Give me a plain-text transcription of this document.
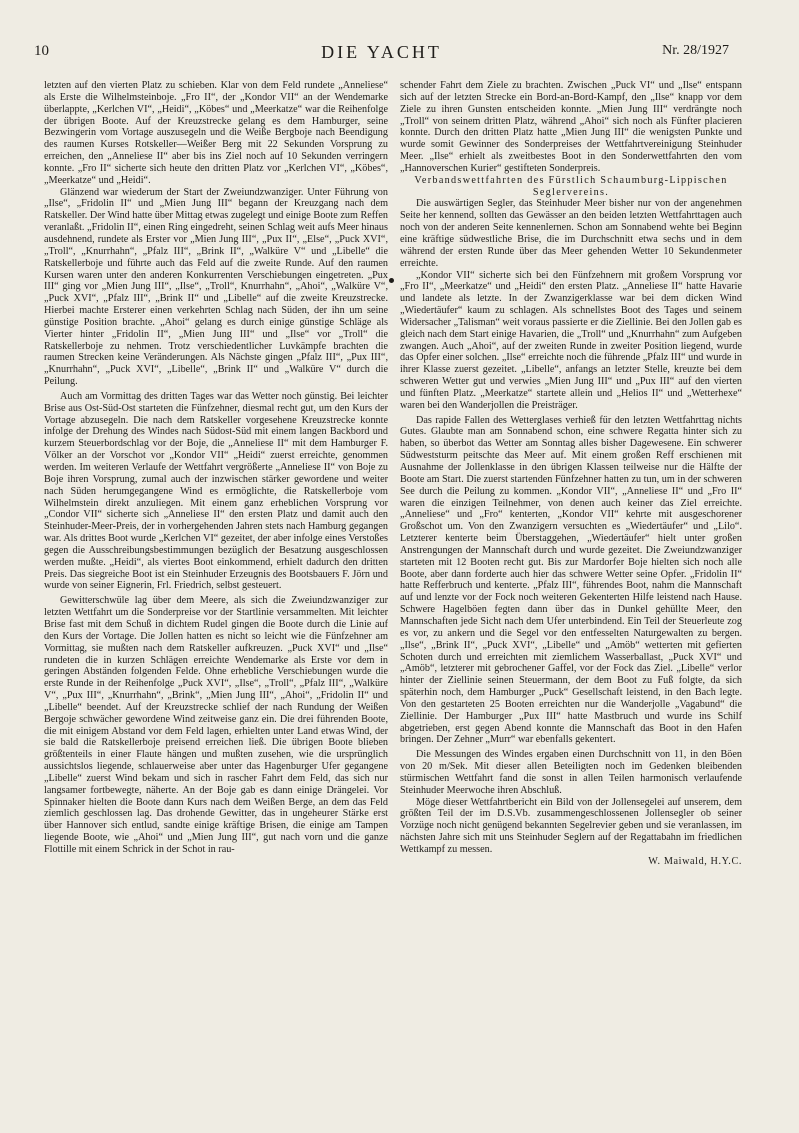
10	DIE YACHT	Nr. 28/1927

letzten auf den vierten Platz zu schieben. Klar von dem Feld rundete „Anneliese“ als Erste die Wilhelmsteinboje. „Fro II“, der „Kondor VII“ an der Wendemarke überlappte, „Kerlchen VI“, „Heidi“, „Köbes“ und „Meerkatze“ war die Reihenfolge der übrigen Boote. Auf der Kreuzstrecke gelang es dem Hamburger, seine Bezwingerin vom Vortage auszusegeln und die Weiße Bergboje nach Beendigung des raumen Kurses Rotskeller—Weißer Berg mit 22 Sekunden Vorsprung zu erreichen, den „Anneliese II“ aber bis ins Ziel noch auf 10 Sekunden verringern konnte. „Fro II“ sicherte sich heute den dritten Platz vor „Kerlchen VI“, „Köbes“, „Meerkatze“ und „Heidi“.

Glänzend war wiederum der Start der Zweiundzwanziger. Unter Führung von „Ilse“, „Fridolin II“ und „Mien Jung III“ begann der Kreuzgang nach dem Ratskeller. Der Wind hatte über Mittag etwas zugelegt und einige Boote zum Reffen veranlaßt. „Fridolin II“, einen Ring eingedreht, seinen Schlag weit aufs Meer hinaus ausdehnend, rundete als Erster vor „Mien Jung III“, „Pux II“, „Else“, „Puck XVI“, „Troll“, „Knurrhahn“, „Pfalz III“, „Brink II“, „Walküre V“ und „Libelle“ die Ratskellerboje und führte auch das Feld auf die zweite Runde. Auf den raumen Kursen waren unter den anderen Konkurrenten Verschiebungen eingetreten. „Pux III“ ging vor „Mien Jung III“, „Ilse“, „Troll“, Knurrhahn“, „Ahoi“, „Walküre V“, „Puck XVI“, „Pfalz III“, „Brink II“ und „Libelle“ auf die zweite Kreuzstrecke. Hierbei machte Ersterer einen verkehrten Schlag nach Süden, der ihn um seine günstige Position brachte. „Ahoi“ gelang es durch einige günstige Schläge als Vierter hinter „Fridolin II“, „Mien Jung III“ und „Ilse“ vor „Troll“ die Ratskellerboje zu nehmen. Trotz verschiedentlicher Luvkämpfe brachten die raumen Strecken keine Veränderungen. Als Nächste gingen „Pfalz III“, „Pux III“, „Knurrhahn“, „Puck XVI“, „Libelle“, „Brink II“ und „Walküre V“ durch die Peilung.

Auch am Vormittag des dritten Tages war das Wetter noch günstig. Bei leichter Brise aus Ost-Süd-Ost starteten die Fünfzehner, diesmal recht gut, um den Kurs der Vortage abzusegeln. Die nach dem Ratskeller vorgesehene Kreuzstrecke konnte infolge der Drehung des Windes nach Südost-Süd mit einem langen Backbord und kurzem Steuerbordschlag vor der Boje, die „Anneliese II“ mit dem Hamburger F. Völker an der Vorschot vor „Kondor VII“ „Heidi“ zuerst erreichte, genommen werden. Im weiteren Verlaufe der Wettfahrt vergrößerte „Anneliese II“ von Boje zu Boje ihren Vorsprung, zumal auch der inzwischen stärker gewordene und weiter nach Süden herumgegangene Wind es ermöglichte, die Ratskellerboje vom Wilhelmstein direkt anzuliegen. Mit einem ganz erheblichen Vorsprung vor „Condor VII“ sicherte sich „Anneliese II“ den ersten Platz und damit auch den Steinhuder-Meer-Preis, der in vorhergehenden Jahren stets nach Hamburg gegangen war. Als drittes Boot wurde „Kerlchen VI“ gezeitet, der aber infolge eines Verstoßes gegen die Ausschreibungsbestimmungen bezüglich der Besatzung ausgeschlossen werden mußte. „Heidi“, als viertes Boot einkommend, erhielt dadurch den dritten Preis. Das siegreiche Boot ist ein Steinhuder Erzeugnis des Bootsbauers F. Jörn und wurde von seiner Eignerin, Frl. Friedrich, selbst gesteuert.

Gewitterschwüle lag über dem Meere, als sich die Zweiundzwanziger zur letzten Wettfahrt um die Sonderpreise vor der Startlinie versammelten. Mit leichter Brise fast mit dem Schuß in dichtem Rudel gingen die Boote durch die Linie auf den Kurs der Vortage. Die Jollen hatten es nicht so leicht wie die Fünfzehner am Vormittag, sie mußten nach dem Ratskeller aufkreuzen. „Puck XVI“ und „Ilse“ rundeten die in kurzen Schlägen erreichte Wendemarke als Erste vor dem in geringen Abständen folgenden Felde. Ohne erhebliche Verschiebungen wurde die erste Runde in der Reihenfolge „Puck XVI“, „Ilse“, „Troll“, „Pfalz III“, „Walküre V“, „Pux III“, „Knurrhahn“, „Brink“, „Mien Jung III“, „Ahoi“, „Fridolin II“ und „Libelle“ beendet. Auf der Kreuzstrecke schlief der nach Rundung der Weißen Bergoje schwächer gewordene Wind zeitweise ganz ein. Die drei führenden Boote, die mit einigem Abstand vor dem Feld lagen, erhielten unter Land etwas Wind, der sie bald die Ratskellerboje preisend erreichen ließ. Die übrigen Boote blieben größtenteils in einer Flaute hängen und mußten zusehen, wie die ursprünglich aussichtslos liegende, schlauerweise aber unter das Hagenburger Ufer gegangene „Libelle“ zuerst Wind bekam und sich in rascher Fahrt dem Feld, das sich nur langsamer fortbewegte, näherte. An der Boje gab es dann einige Drängelei. Vor Spinnaker hielten die Boote dann Kurs nach dem Weißen Berge, an dem das Feld ziemlich geschlossen lag. Das drohende Gewitter, das in ungeheurer Stärke erst über Hannover sich entlud, sandte einige kräftige Brisen, die einige am Tampen liegende Boote, wie „Ahoi“ und „Mien Jung III“, gut nach vorn und die ganze Flottille mit einem Schrick in der Schot in rau-

schender Fahrt dem Ziele zu brachten. Zwischen „Puck VI“ und „Ilse“ entspann sich auf der letzten Strecke ein Bord-an-Bord-Kampf, den „Ilse“ knapp vor dem Ziele zu ihren Gunsten entscheiden konnte. „Mien Jung III“ verdrängte noch „Troll“ von seinem dritten Platz, während „Ahoi“ sich noch als Fünfter placieren konnte. Durch den dritten Platz hatte „Mien Jung III“ die wenigsten Punkte und wurde somit Gewinner des Sonderpreises der Wettfahrtvereinigung Steinhuder Meer. „Ilse“ erhielt als zweitbestes Boot in den Sonderwettfahrten den vom „Hannoverschen Kurier“ gestifteten Sonderpreis.

Verbandswettfahrten des Fürstlich Schaumburg-Lippischen Seglervereins.

Die auswärtigen Segler, das Steinhuder Meer bisher nur von der angenehmen Seite her kennend, sollten das Gewässer an den beiden letzten Wettfahrttagen auch noch von der anderen Seite kennenlernen. Schon am Sonnabend wehte bei Beginn eine kräftige südwestliche Brise, die im Durchschnitt etwa sechs und in dem während der ersten Runde über das Meer gehenden Wetter 10 Sekundenmeter erreichte.

„Kondor VII“ sicherte sich bei den Fünfzehnern mit großem Vorsprung vor „Fro II“, „Meerkatze“ und „Heidi“ den ersten Platz. „Anneliese II“ hatte Havarie und landete als letzte. In der Zwanzigerklasse war bei dem dicken Wind „Wiedertäufer“ kaum zu schlagen. Als schnellstes Boot des Tages und seinem Widersacher „Talisman“ weit voraus passierte er die Ziellinie. Bei den Jollen gab es gleich nach dem Start einige Havarien, die „Troll“ und „Knurrhahn“ zum Aufgeben zwangen. Auch „Ahoi“, auf der zweiten Runde in zweiter Position liegend, wurde das Opfer einer solchen. „Ilse“ erreichte noch die führende „Pfalz III“ und wurde in ihrer Klasse zuerst gezeitet. „Libelle“, anfangs an letzter Stelle, kreuzte bei dem schweren Wetter gut und verwies „Mien Jung III“ und „Pux III“ auf den vierten und fünften Platz. „Meerkatze“ startete allein und „Helios II“ und „Wetterhexe“ waren bei den Wanderjollen die Preisträger.

Das rapide Fallen des Wetterglases verhieß für den letzten Wettfahrttag nichts Gutes. Glaubte man am Sonnabend schon, eine schwere Regatta hinter sich zu haben, so überbot das Wetter am Sonntag alles bisher Dagewesene. Ein schwerer Südweststurm peitschte das Meer auf. Mit einem großen Reff erschienen mit Ausnahme der Jollenklasse in den übrigen Klassen teilweise nur die Hälfte der Boote am Start. Die zuerst startenden Fünfzehner hatten zu tun, um in der schweren See durch die Peilung zu kommen. „Kondor VII“, „Anneliese II“ und „Fro II“ waren die einzigen Teilnehmer, von denen auch keiner das Ziel erreichte. „Anneliese“ und „Fro“ kenterten, „Kondor VII“ kehrte mit ausgeschorener Großschot um. Von den Zwanzigern versuchten es „Wiedertäufer“ und „Lilo“. Letzterer kenterte beim Überstaggehen, „Wiedertäufer“ hielt unter großen Anstrengungen der Mannschaft durch und wurde gezeitet. Die Zweiundzwanziger starteten mit 12 Booten recht gut. Bis zur Mardorfer Boje hielten sich noch alle Boote, aber dann forderte auch hier das schwere Wetter seine Opfer. „Fridolin II“ hatte Refferbruch und kenterte. „Pfalz III“, führendes Boot, nahm die Mannschaft auf und lenzte vor der Fock noch weiteren Gekenterten Hilfe leistend nach Hause. Schwere Hagelböen fegten dann über das in Dunkel gehüllte Meer, den Mannschaften jede Sicht nach dem Ufer unterbindend. Ein Teil der Steuerleute zog es vor, zu ankern und die Segel vor den entfesselten Naturgewalten zu bergen. „Ilse“, „Brink II“, „Puck XVI“, „Libelle“ und „Amöb“ wetterten mit gefierten Schoten durch und erreichten mit ziemlichem Wasserballast, „Puck XVI“ und „Amöb“, letzterer mit gebrochener Gaffel, vor der Fock das Ziel. „Libelle“ verlor hinter der Ziellinie seinen Steuermann, der dem Boot zu Fuß folgte, da sich späterhin noch, dem Hamburger „Puck“ Gesellschaft leistend, in den Bach legte. Von den gestarteten 25 Booten erreichten nur die Wanderjolle „Vagabund“ die Ziellinie. Der Hamburger „Pux III“ hatte Mastbruch und wurde ins Schilf abgetrieben, erst gegen Abend konnte die Mannschaft das Boot in den Hafen bringen. Der Zehner „Murr“ war ebenfalls gekentert.

Die Messungen des Windes ergaben einen Durchschnitt von 11, in den Böen von 20 m/Sek. Mit dieser allen Beteiligten noch im Gedenken bleibenden stürmischen Wettfahrt fand die sonst in allen Teilen harmonisch verlaufende Steinhuder Meerwoche ihren Abschluß.

Möge dieser Wettfahrtbericht ein Bild von der Jollensegelei auf unserem, dem größten Teil der im D.S.Vb. zusammengeschlossenen Jollensegler ob seiner Vorzüge noch nicht genügend bekannten Segelrevier geben und sie veranlassen, im nächsten Jahre sich mit uns Steinhuder Seglern auf der Regattabahn im friedlichen Wettkampf zu messen.

W. Maiwald, H.Y.C.
